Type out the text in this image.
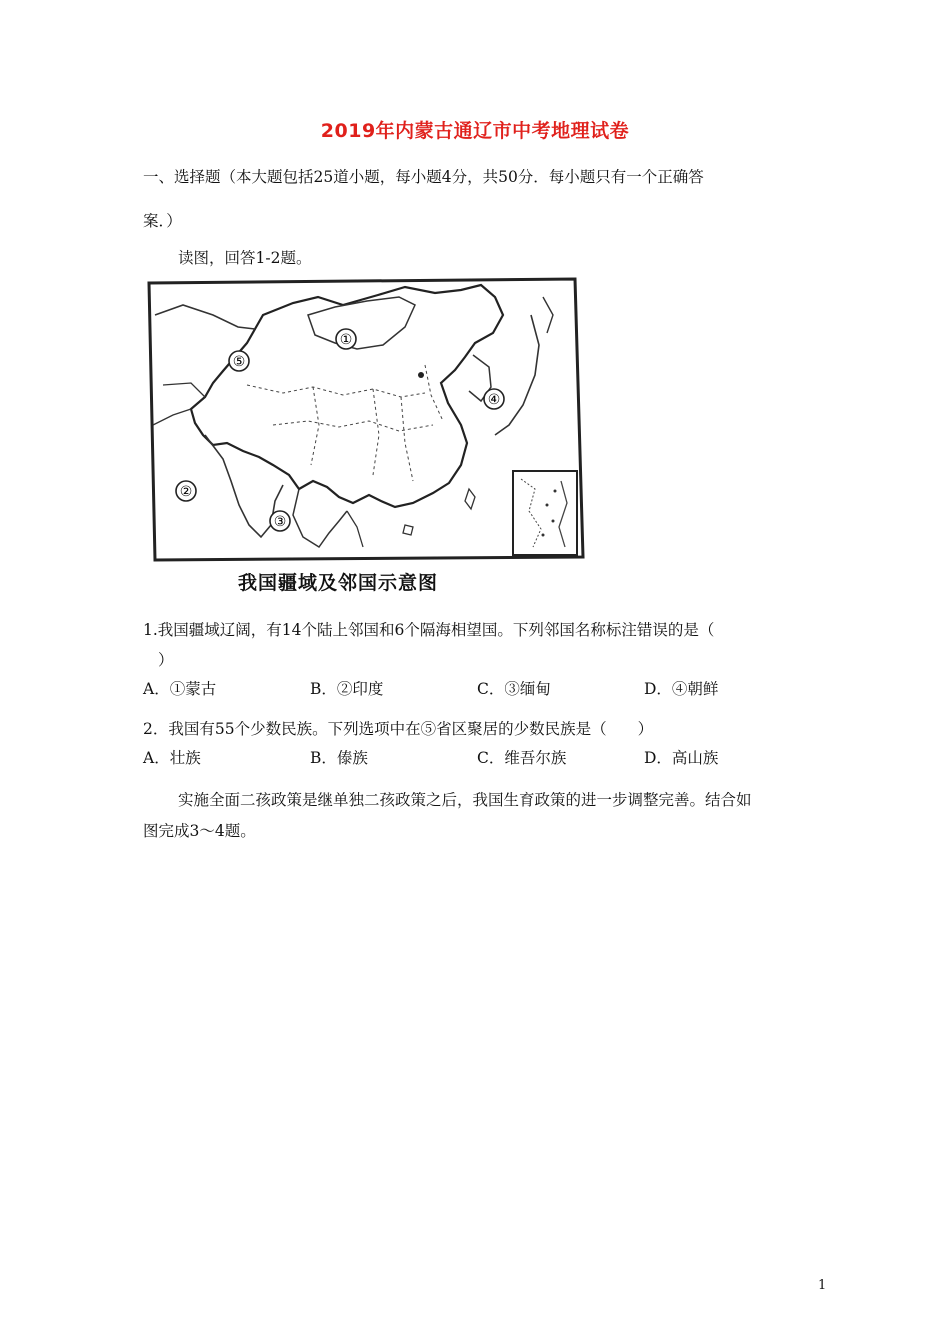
2019年内蒙古通辽市中考地理试卷
一、选择题（本大题包括25道小题，每小题4分，共50分．每小题只有一个正确答
案．）
读图，回答1-2题。
①
②
③
④
⑤
我国疆域及邻国示意图
1.我国疆域辽阔，有14个陆上邻国和6个隔海相望国。下列邻国名称标注错误的是（
）
A．①蒙古	B．②印度	C．③缅甸	D．④朝鲜
2．我国有55个少数民族。下列选项中在⑤省区聚居的少数民族是（　　）
A．壮族	B．傣族	C．维吾尔族	D．高山族
实施全面二孩政策是继单独二孩政策之后，我国生育政策的进一步调整完善。结合如
图完成3～4题。
1
